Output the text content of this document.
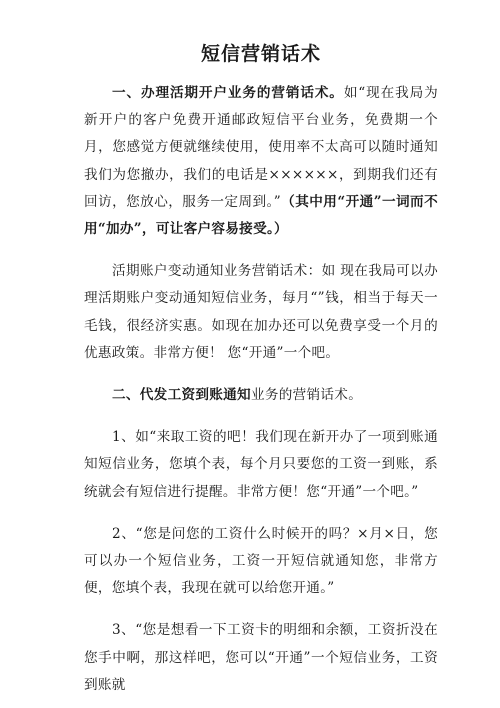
短信营销话术

一、办理活期开户业务的营销话术。如“现在我局为新开户的客户免费开通邮政短信平台业务，免费期一个月，您感觉方便就继续使用，使用率不太高可以随时通知我们为您撤办，我们的电话是××××××，到期我们还有回访，您放心，服务一定周到。”（其中用“开通”一词而不用“加办”，可让客户容易接受。）

活期账户变动通知业务营销话术：如 现在我局可以办理活期账户变动通知短信业务，每月“”钱，相当于每天一毛钱，很经济实惠。如现在加办还可以免费享受一个月的优惠政策。非常方便！ 您“开通”一个吧。

二、代发工资到账通知业务的营销话术。

1、如“来取工资的吧！我们现在新开办了一项到账通知短信业务，您填个表，每个月只要您的工资一到账，系统就会有短信进行提醒。非常方便！您“开通”一个吧。”

2、“您是问您的工资什么时候开的吗？×月×日，您可以办一个短信业务，工资一开短信就通知您，非常方便，您填个表，我现在就可以给您开通。”

3、“您是想看一下工资卡的明细和余额，工资折没在您手中啊，那这样吧，您可以“开通”一个短信业务，工资到账就
